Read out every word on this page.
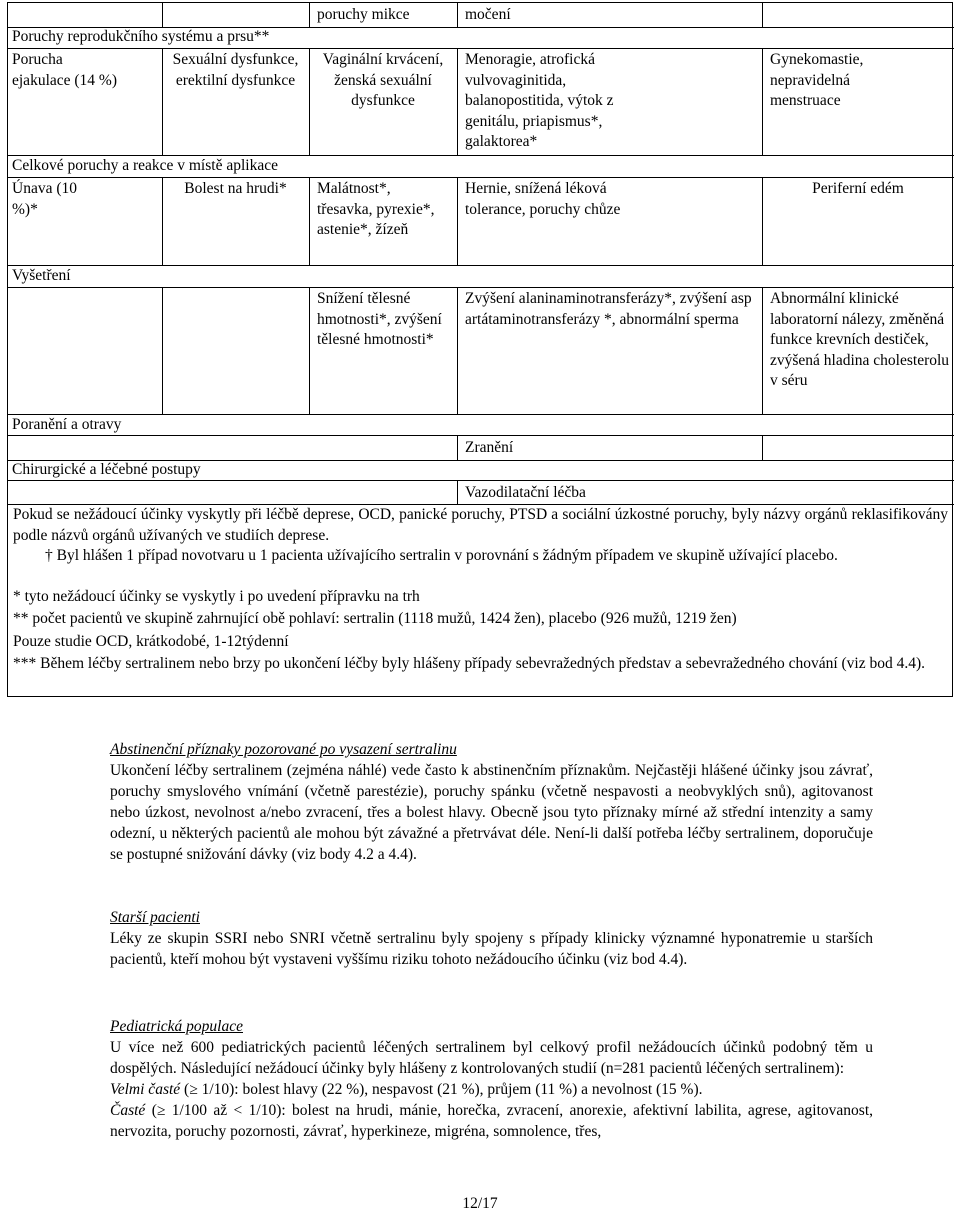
poruchy mikce	močení
Poruchy reprodukčního systému a prsu**
Porucha ejakulace (14 %)
Sexuální dysfunkce, erektilní dysfunkce
Vaginální krvácení, ženská sexuální dysfunkce
Menoragie, atrofická vulvovaginitida, balanopostitida, výtok z genitálu, priapismus*, galaktorea*
Gynekomastie, nepravidelná menstruace
Celkové poruchy a reakce v místě aplikace
Únava (10 %)*
Bolest na hrudi*	Malátnost*, třesavka, pyrexie*, astenie*, žízeň
Hernie, snížená léková tolerance, poruchy chůze
Periferní edém
Vyšetření
Snížení tělesné hmotnosti*, zvýšení tělesné hmotnosti*
Zvýšení alaninaminotransferázy*, zvýšení aspartátaminotransferázy *, abnormální sperma
Abnormální klinické laboratorní nálezy, změněná funkce krevních destiček, zvýšená hladina cholesterolu v séru
Poranění a otravy
Zranění
Chirurgické a léčebné postupy
Vazodilatační léčba
Pokud se nežádoucí účinky vyskytly při léčbě deprese, OCD, panické poruchy, PTSD a sociální úzkostné poruchy, byly názvy orgánů reklasifikovány podle názvů orgánů užívaných ve studiích deprese.
† Byl hlášen 1 případ novotvaru u 1 pacienta užívajícího sertralin v porovnání s žádným případem ve skupině užívající placebo.
* tyto nežádoucí účinky se vyskytly i po uvedení přípravku na trh
** počet pacientů ve skupině zahrnující obě pohlaví: sertralin (1118 mužů, 1424 žen), placebo (926 mužů, 1219 žen)
Pouze studie OCD, krátkodobé, 1-12týdenní
*** Během léčby sertralinem nebo brzy po ukončení léčby byly hlášeny případy sebevražedných představ a sebevražedného chování (viz bod 4.4).

Abstinenční příznaky pozorované po vysazení sertralinu

Ukončení léčby sertralinem (zejména náhlé) vede často k abstinenčním příznakům. Nejčastěji hlášené účinky jsou závrať, poruchy smyslového vnímání (včetně parestézie), poruchy spánku (včetně nespavosti a neobvyklých snů), agitovanost nebo úzkost, nevolnost a/nebo zvracení, třes a bolest hlavy. Obecně jsou tyto příznaky mírné až střední intenzity a samy odezní, u některých pacientů ale mohou být závažné a přetrvávat déle. Není-li další potřeba léčby sertralinem, doporučuje se postupné snižování dávky (viz body 4.2 a 4.4).

Starší pacienti

Léky ze skupin SSRI nebo SNRI včetně sertralinu byly spojeny s případy klinicky významné hyponatremie u starších pacientů, kteří mohou být vystaveni vyššímu riziku tohoto nežádoucího účinku (viz bod 4.4).

Pediatrická populace

U více než 600 pediatrických pacientů léčených sertralinem byl celkový profil nežádoucích účinků podobný těm u dospělých. Následující nežádoucí účinky byly hlášeny z kontrolovaných studií (n=281 pacientů léčených sertralinem):

Velmi časté (≥ 1/10): bolest hlavy (22 %), nespavost (21 %), průjem (11 %) a nevolnost (15 %).

Časté (≥ 1/100 až < 1/10): bolest na hrudi, mánie, horečka, zvracení, anorexie, afektivní labilita, agrese, agitovanost, nervozita, poruchy pozornosti, závrať, hyperkineze, migréna, somnolence, třes,

12/17
